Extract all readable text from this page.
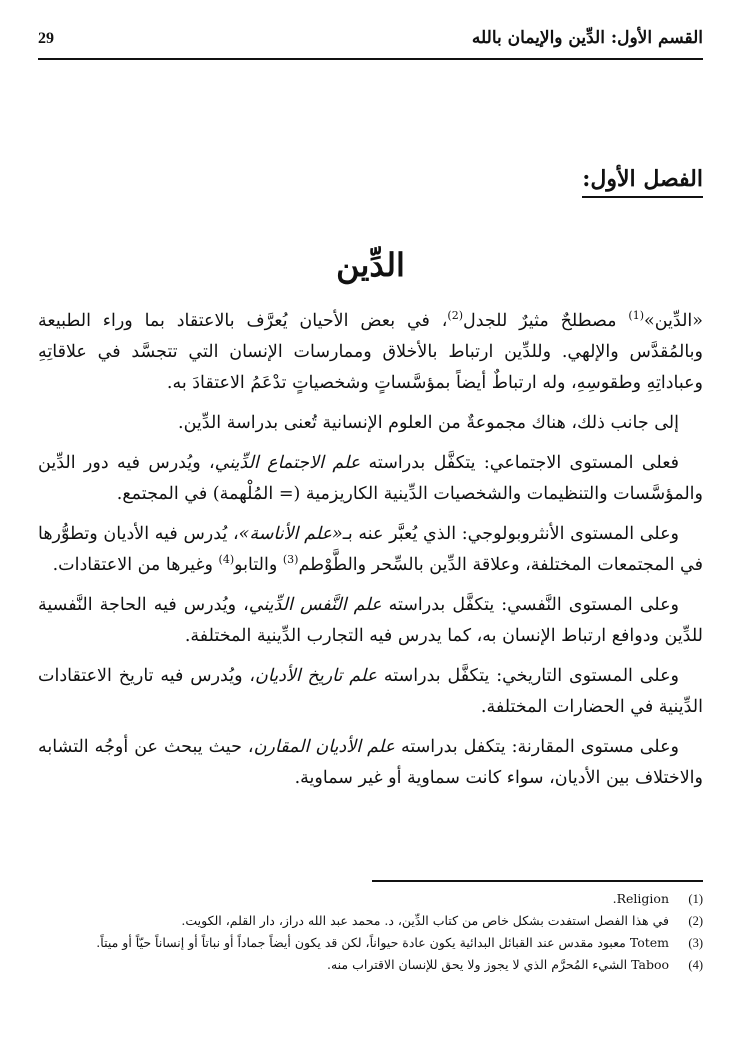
القسم الأول: الدِّين والإيمان بالله
29
الفصل الأول:
الدِّين

«الدِّين»$^{(1)}$ مصطلحٌ مثيرٌ للجدل$^{(2)}$، في بعض الأحيان يُعرَّف بالاعتقاد بما وراء الطبيعة وبالمُقدَّس والإلهي. وللدِّين ارتباط بالأخلاق وممارسات الإنسان التي تتجسَّد في علاقاتِهِ وعباداتِهِ وطقوسِهِ، وله ارتباطٌ أيضاً بمؤسَّساتٍ وشخصياتٍ تدْعَمُ الاعتقادَ به.

إلى جانب ذلك، هناك مجموعةٌ من العلوم الإنسانية تُعنى بدراسة الدِّين.

فعلى المستوى الاجتماعي: يتكفَّل بدراسته علم الاجتماع الدِّيني، ويُدرس فيه دور الدِّين والمؤسَّسات والتنظيمات والشخصيات الدِّينية الكاريزمية (= المُلْهمة) في المجتمع.

وعلى المستوى الأنثروبولوجي: الذي يُعبَّر عنه بـ«علم الأناسة»، يُدرس فيه الأديان وتطوُّرها في المجتمعات المختلفة، وعلاقة الدِّين بالسِّحر والطَّوْطم$^{(3)}$ والتابو$^{(4)}$ وغيرها من الاعتقادات.

وعلى المستوى النَّفسي: يتكفَّل بدراسته علم النَّفس الدِّيني، ويُدرس فيه الحاجة النَّفسية للدِّين ودوافع ارتباط الإنسان به، كما يدرس فيه التجارب الدِّينية المختلفة.

وعلى المستوى التاريخي: يتكفَّل بدراسته علم تاريخ الأديان، ويُدرس فيه تاريخ الاعتقادات الدِّينية في الحضارات المختلفة.

وعلى مستوى المقارنة: يتكفل بدراسته علم الأديان المقارن، حيث يبحث عن أوجُه التشابه والاختلاف بين الأديان، سواء كانت سماوية أو غير سماوية.

(1)
Religion.
(2)
في هذا الفصل استفدت بشكل خاص من كتاب الدِّين، د. محمد عبد الله دراز، دار القلم، الكويت.
(3)
Totem معبود مقدس عند القبائل البدائية يكون عادة حيواناً، لكن قد يكون أيضاً جماداً أو نباتاً أو إنساناً حيّاً أو ميتاً.
(4)
Taboo الشيء المُحرَّم الذي لا يجوز ولا يحق للإنسان الاقتراب منه.
